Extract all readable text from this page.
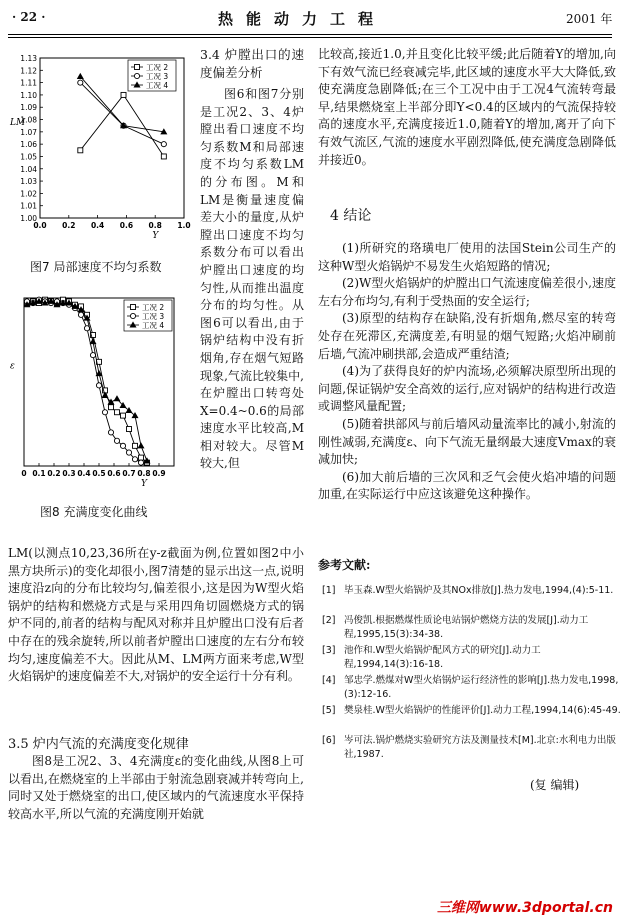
· 22 ·	热能动力工程	2001 年
1.00
1.01
1.02
1.03
1.04
1.05
1.06
1.07
1.08
1.09
1.10
1.11
1.12
1.13
0.0 0.2 0.4 0.6 0.8 1.0
Y
LM
工况 2
工况 3
工况 4
图7 局部速度不均匀系数
0 0.1 0.2 0.3 0.4 0.5 0.6 0.7 0.8 0.9
Y
ε
工况 2
工况 3
工况 4
图8 充满度变化曲线
3.4 炉膛出口的速度偏差分析
图6和图7分别是工况2、3、4炉膛出看口速度不均匀系数M和局部速度不均匀系数LM的分布图。M和LM是衡量速度偏差大小的量度,从炉膛出口速度不均匀系数分布可以看出炉膛出口速度的均匀性,从而推出温度分布的均匀性。从图6可以看出,由于锅炉结构中没有折烟角,存在烟气短路现象,气流比较集中,在炉膛出口转弯处X=0.4~0.6的局部速度水平比较高,M相对较大。尽管M较大,但
LM(以测点10,23,36所在y-z截面为例,位置如图2中小黑方块所示)的变化却很小,图7清楚的显示出这一点,说明速度沿z向的分布比较均匀,偏差很小,这是因为W型火焰锅炉的结构和燃烧方式是与采用四角切圆燃烧方式的锅炉不同的,前者的结构与配风对称并且炉膛出口没有后者中存在的残余旋转,所以前者炉膛出口速度的左右分布较均匀,速度偏差不大。因此从M、LM两方面来考虑,W型火焰锅炉的速度偏差不大,对锅炉的安全运行十分有利。
3.5 炉内气流的充满度变化规律
图8是工况2、3、4充满度ε的变化曲线,从图8上可以看出,在燃烧室的上半部由于射流急剧衰减并转弯向上,同时又处于燃烧室的出口,使区域内的气流速度水平保持较高水平,所以气流的充满度刚开始就
比较高,接近1.0,并且变化比较平缓;此后随着Y的增加,向下有效气流已经衰减完毕,此区域的速度水平大大降低,致使充满度急剧降低;在三个工况中由于工况4气流转弯最早,结果燃烧室上半部分即Y<0.4的区域内的气流保持较高的速度水平,充满度接近1.0,随着Y的增加,离开了向下有效气流区,气流的速度水平剧烈降低,使充满度急剧降低并接近0。
4 结论

(1)所研究的珞璜电厂使用的法国Stein公司生产的这种W型火焰锅炉不易发生火焰短路的情况;

(2)W型火焰锅炉的炉膛出口气流速度偏差很小,速度左右分布均匀,有利于受热面的安全运行;

(3)原型的结构存在缺陷,没有折烟角,燃尽室的转弯处存在死滞区,充满度差,有明显的烟气短路;火焰冲刷前后墙,气流冲刷拱部,会造成严重结渣;

(4)为了获得良好的炉内流场,必须解决原型所出现的问题,保证锅炉安全高效的运行,应对锅炉的结构进行改造或调整风量配置;

(5)随着拱部风与前后墙风动量流率比的减小,射流的刚性减弱,充满度ε、向下气流无量纲最大速度Vmax的衰减加快;

(6)加大前后墙的三次风和乏气会使火焰冲墙的问题加重,在实际运行中应这该避免这种操作。

参考文献:
[1] 毕玉森.W型火焰锅炉及其NOx排放[J].热力发电,1994,(4):5-11.
[2] 冯俊凯.根据燃煤性质论电站锅炉燃烧方法的发展[J].动力工程,1995,15(3):34-38.
[3] 池作和.W型火焰锅炉配风方式的研究[J].动力工程,1994,14(3):16-18.
[4] 邹忠学.燃煤对W型火焰锅炉运行经济性的影响[J].热力发电,1998,(3):12-16.
[5] 樊泉桂.W型火焰锅炉的性能评价[J].动力工程,1994,14(6):45-49.
[6] 岑可法.锅炉燃烧实验研究方法及测量技术[M].北京:水利电力出版社,1987.
(复 编辑)
三维网www.3dportal.cn
